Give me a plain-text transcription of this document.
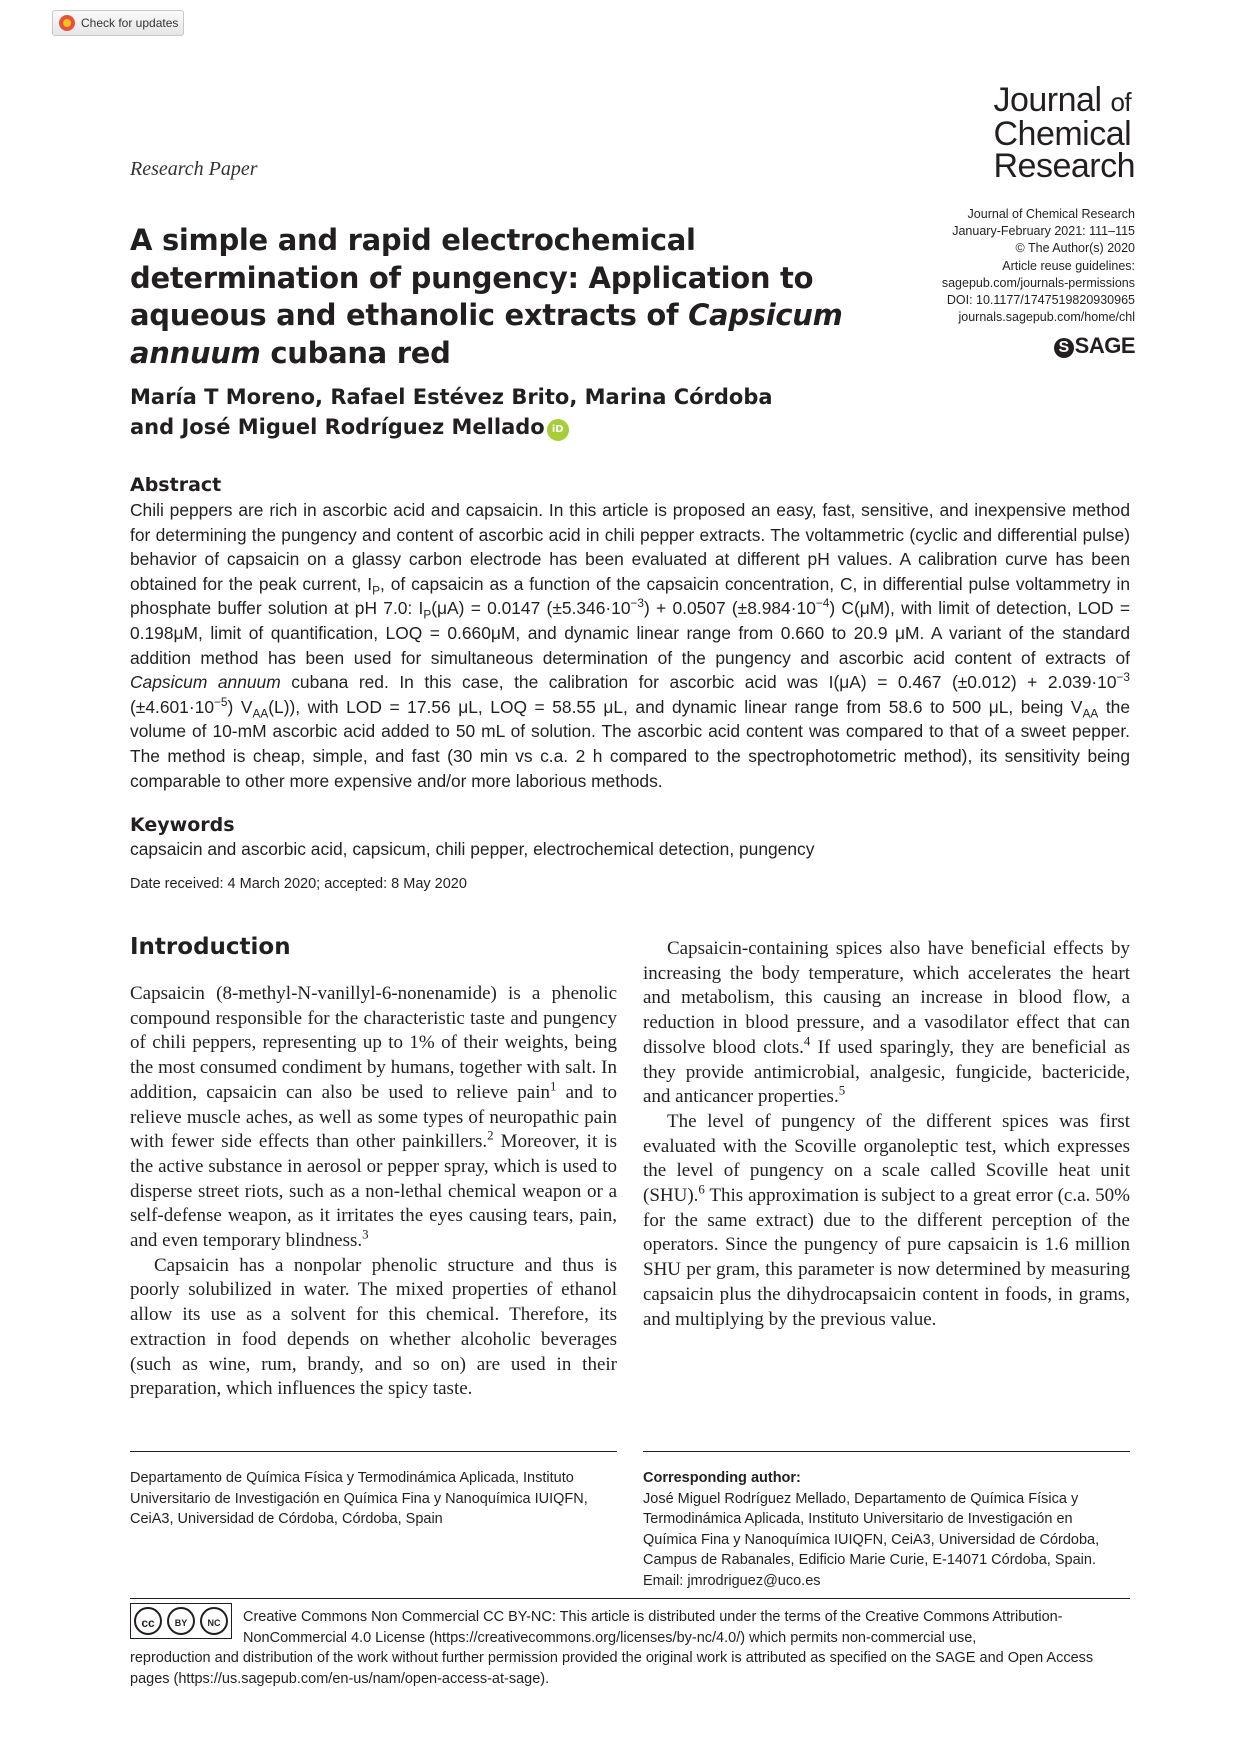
Check for updates
Research Paper
Journal of
Chemical
Research
Journal of Chemical Research
January-February 2021: 111–115
© The Author(s) 2020
Article reuse guidelines:
sagepub.com/journals-permissions
DOI: 10.1177/1747519820930965
journals.sagepub.com/home/chl
S SAGE
A simple and rapid electrochemical determination of pungency: Application to aqueous and ethanolic extracts of Capsicum annuum cubana red
María T Moreno, Rafael Estévez Brito, Marina Córdoba
and José Miguel Rodríguez Mellado iD
Abstract
Chili peppers are rich in ascorbic acid and capsaicin. In this article is proposed an easy, fast, sensitive, and inexpensive method for determining the pungency and content of ascorbic acid in chili pepper extracts. The voltammetric (cyclic and differential pulse) behavior of capsaicin on a glassy carbon electrode has been evaluated at different pH values. A calibration curve has been obtained for the peak current, $I_P$, of capsaicin as a function of the capsaicin concentration, C, in differential pulse voltammetry in phosphate buffer solution at pH 7.0: $I_P(\mu A) = 0.0147$ $(\pm 5.346\cdot 10^{-3}) + 0.0507$ $(\pm 8.984\cdot 10^{-4})$ C(μM), with limit of detection, LOD = 0.198μM, limit of quantification, LOQ = 0.660μM, and dynamic linear range from 0.660 to 20.9 μM. A variant of the standard addition method has been used for simultaneous determination of the pungency and ascorbic acid content of extracts of Capsicum annuum cubana red. In this case, the calibration for ascorbic acid was I(μA) = 0.467 $(\pm 0.012) + 2.039\cdot 10^{-3}$ $(\pm 4.601\cdot 10^{-5})$ $V_{AA}(L)$), with LOD = 17.56 μL, LOQ = 58.55 μL, and dynamic linear range from 58.6 to 500 μL, being $V_{AA}$ the volume of 10-mM ascorbic acid added to 50 mL of solution. The ascorbic acid content was compared to that of a sweet pepper. The method is cheap, simple, and fast (30 min vs c.a. 2 h compared to the spectrophotometric method), its sensitivity being comparable to other more expensive and/or more laborious methods.
Keywords
capsaicin and ascorbic acid, capsicum, chili pepper, electrochemical detection, pungency
Date received: 4 March 2020; accepted: 8 May 2020
Introduction

Capsaicin (8-methyl-N-vanillyl-6-nonenamide) is a phenolic compound responsible for the characteristic taste and pungency of chili peppers, representing up to 1% of their weights, being the most consumed condiment by humans, together with salt. In addition, capsaicin can also be used to relieve pain$^1$ and to relieve muscle aches, as well as some types of neuropathic pain with fewer side effects than other painkillers.$^2$ Moreover, it is the active substance in aerosol or pepper spray, which is used to disperse street riots, such as a non-lethal chemical weapon or a self-defense weapon, as it irritates the eyes causing tears, pain, and even temporary blindness.$^3$

Capsaicin has a nonpolar phenolic structure and thus is poorly solubilized in water. The mixed properties of ethanol allow its use as a solvent for this chemical. Therefore, its extraction in food depends on whether alcoholic beverages (such as wine, rum, brandy, and so on) are used in their preparation, which influences the spicy taste.

Capsaicin-containing spices also have beneficial effects by increasing the body temperature, which accelerates the heart and metabolism, this causing an increase in blood flow, a reduction in blood pressure, and a vasodilator effect that can dissolve blood clots.$^4$ If used sparingly, they are beneficial as they provide antimicrobial, analgesic, fungicide, bactericide, and anticancer properties.$^5$

The level of pungency of the different spices was first evaluated with the Scoville organoleptic test, which expresses the level of pungency on a scale called Scoville heat unit (SHU).$^6$ This approximation is subject to a great error (c.a. 50% for the same extract) due to the different perception of the operators. Since the pungency of pure capsaicin is 1.6 million SHU per gram, this parameter is now determined by measuring capsaicin plus the dihydrocapsaicin content in foods, in grams, and multiplying by the previous value.

Departamento de Química Física y Termodinámica Aplicada, Instituto Universitario de Investigación en Química Fina y Nanoquímica IUIQFN, CeiA3, Universidad de Córdoba, Córdoba, Spain
Corresponding author:
José Miguel Rodríguez Mellado, Departamento de Química Física y Termodinámica Aplicada, Instituto Universitario de Investigación en Química Fina y Nanoquímica IUIQFN, CeiA3, Universidad de Córdoba, Campus de Rabanales, Edificio Marie Curie, E-14071 Córdoba, Spain.
Email: jmrodriguez@uco.es
cc	BY	NC	Creative Commons Non Commercial CC BY-NC: This article is distributed under the terms of the Creative Commons Attribution-NonCommercial 4.0 License (https://creativecommons.org/licenses/by-nc/4.0/) which permits non-commercial use,
reproduction and distribution of the work without further permission provided the original work is attributed as specified on the SAGE and Open Access pages (https://us.sagepub.com/en-us/nam/open-access-at-sage).
